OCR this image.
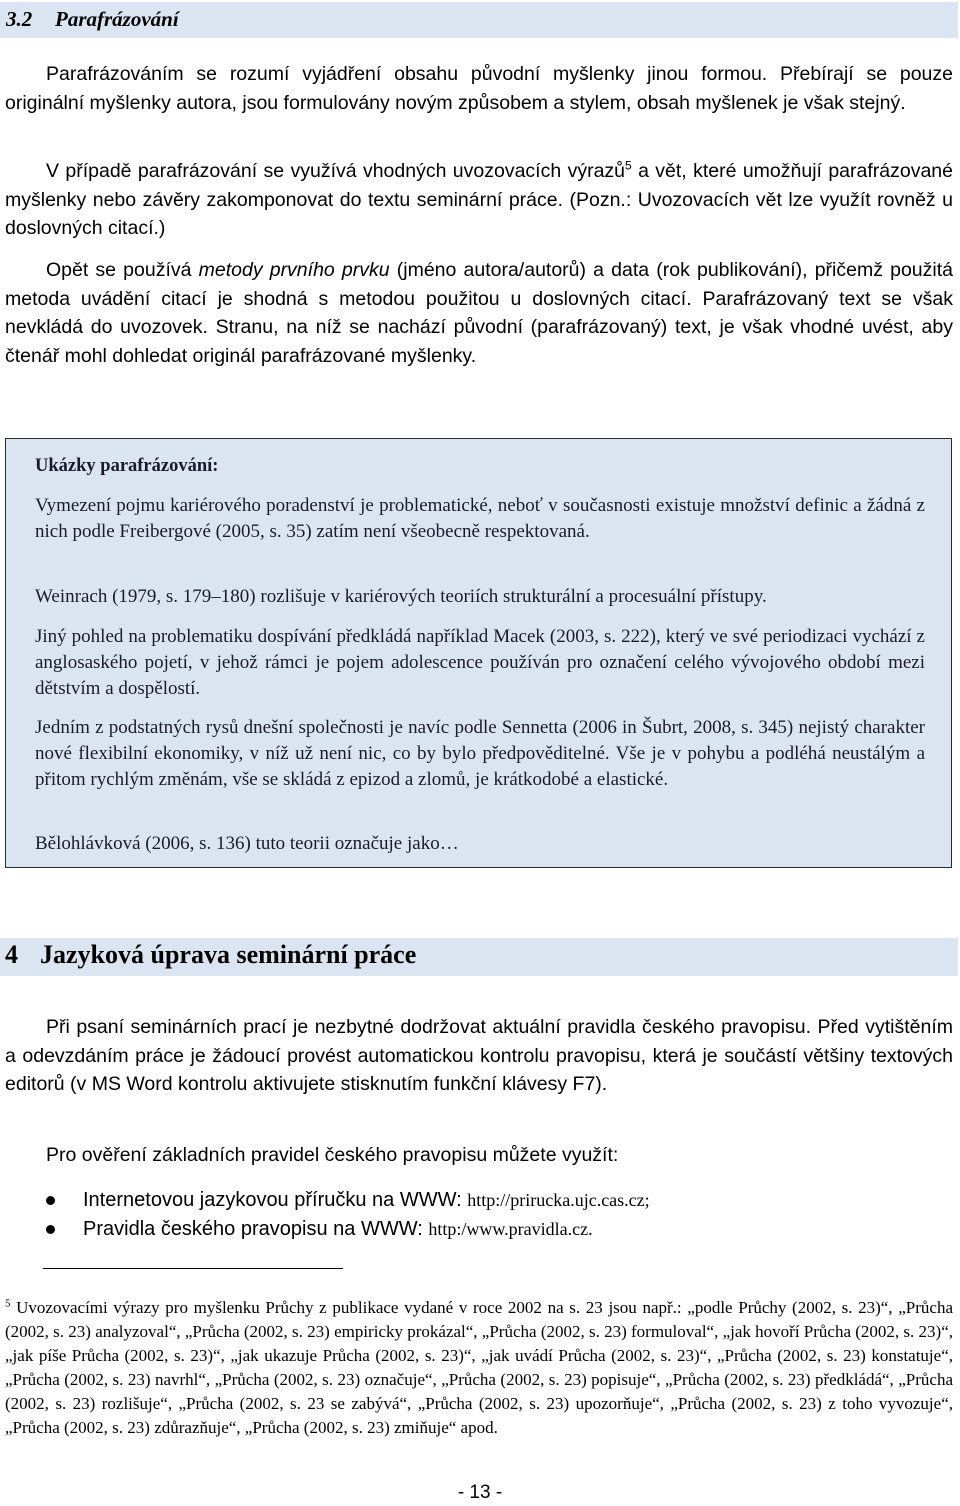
3.2 Parafrázování

Parafrázováním se rozumí vyjádření obsahu původní myšlenky jinou formou. Přebírají se pouze originální myšlenky autora, jsou formulovány novým způsobem a stylem, obsah myšlenek je však stejný.

V případě parafrázování se využívá vhodných uvozovacích výrazů$^5$ a vět, které umožňují parafrázované myšlenky nebo závěry zakomponovat do textu seminární práce. (Pozn.: Uvozovacích vět lze využít rovněž u doslovných citací.)

Opět se používá metody prvního prvku (jméno autora/autorů) a data (rok publikování), přičemž použitá metoda uvádění citací je shodná s metodou použitou u doslovných citací. Parafrázovaný text se však nevkládá do uvozovek. Stranu, na níž se nachází původní (parafrázovaný) text, je však vhodné uvést, aby čtenář mohl dohledat originál parafrázované myšlenky.

Ukázky parafrázování:

Vymezení pojmu kariérového poradenství je problematické, neboť v současnosti existuje množství definic a žádná z nich podle Freibergové (2005, s. 35) zatím není všeobecně respektovaná.

Weinrach (1979, s. 179–180) rozlišuje v kariérových teoriích strukturální a procesuální přístupy.

Jiný pohled na problematiku dospívání předkládá například Macek (2003, s. 222), který ve své periodizaci vychází z anglosaského pojetí, v jehož rámci je pojem adolescence používán pro označení celého vývojového období mezi dětstvím a dospělostí.

Jedním z podstatných rysů dnešní společnosti je navíc podle Sennetta (2006 in Šubrt, 2008, s. 345) nejistý charakter nové flexibilní ekonomiky, v níž už není nic, co by bylo předpověditelné. Vše je v pohybu a podléhá neustálým a přitom rychlým změnám, vše se skládá z epizod a zlomů, je krátkodobé a elastické.

Bělohlávková (2006, s. 136) tuto teorii označuje jako…

4 Jazyková úprava seminární práce

Při psaní seminárních prací je nezbytné dodržovat aktuální pravidla českého pravopisu. Před vytištěním a odevzdáním práce je žádoucí provést automatickou kontrolu pravopisu, která je součástí většiny textových editorů (v MS Word kontrolu aktivujete stisknutím funkční klávesy F7).

Pro ověření základních pravidel českého pravopisu můžete využít:

Internetovou jazykovou příručku na WWW: http://prirucka.ujc.cas.cz;
Pravidla českého pravopisu na WWW: http:/www.pravidla.cz.

$^5$ Uvozovacími výrazy pro myšlenku Průchy z publikace vydané v roce 2002 na s. 23 jsou např.: „podle Průchy (2002, s. 23)“, „Průcha (2002, s. 23) analyzoval“, „Průcha (2002, s. 23) empiricky prokázal“, „Průcha (2002, s. 23) formuloval“, „jak hovoří Průcha (2002, s. 23)“, „jak píše Průcha (2002, s. 23)“, „jak ukazuje Průcha (2002, s. 23)“, „jak uvádí Průcha (2002, s. 23)“, „Průcha (2002, s. 23) konstatuje“, „Průcha (2002, s. 23) navrhl“, „Průcha (2002, s. 23) označuje“, „Průcha (2002, s. 23) popisuje“, „Průcha (2002, s. 23) předkládá“, „Průcha (2002, s. 23) rozlišuje“, „Průcha (2002, s. 23 se zabývá“, „Průcha (2002, s. 23) upozorňuje“, „Průcha (2002, s. 23) z toho vyvozuje“, „Průcha (2002, s. 23) zdůrazňuje“, „Průcha (2002, s. 23) zmiňuje“ apod.

- 13 -
